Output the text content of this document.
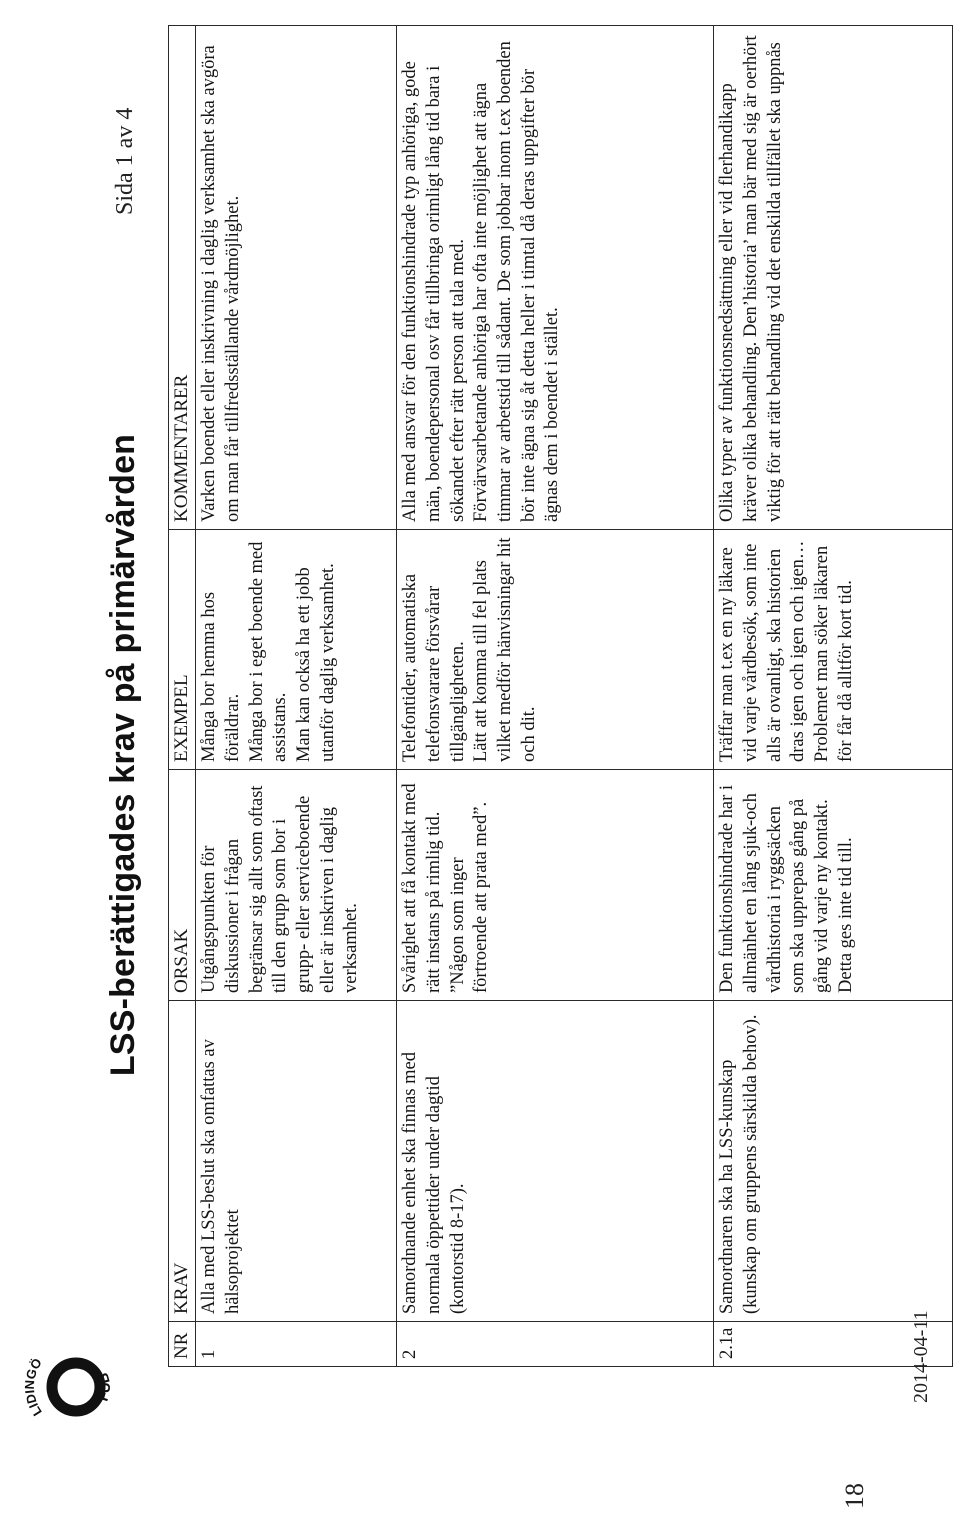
LIDINGÖ
FUB
LSS-berättigades krav på primärvården
Sida 1 av 4
NR	KRAV	ORSAK	EXEMPEL	KOMMENTARER
1	Alla med LSS-beslut ska omfattas av hälsoprojektet	Utgångspunkten för diskussioner i frågan begränsar sig allt som oftast till den grupp som bor i grupp- eller serviceboende eller är inskriven i daglig verksamhet.	Många bor hemma hos föräldrar. Många bor i eget boende med assistans. Man kan också ha ett jobb utanför daglig verksamhet.	Varken boendet eller inskrivning i daglig verksamhet ska avgöra om man får tillfredsställande vårdmöjlighet.

2	Samordnande enhet ska finnas med normala öppettider under dagtid (kontorstid 8-17).	Svårighet att få kontakt med rätt instans på rimlig tid. ”Någon som inger förtroende att prata med”.	Telefontider, automatiska telefonsvarare försvårar tillgängligheten. Lätt att komma till fel plats vilket medför hänvisningar hit och dit.	Alla med ansvar för den funktionshindrade typ anhöriga, gode män, boendepersonal osv får tillbringa orimligt lång tid bara i sökandet efter rätt person att tala med. Förvärvsarbetande anhöriga har ofta inte möjlighet att ägna timmar av arbetstid till sådant. De som jobbar inom t.ex boenden bör inte ägna sig åt detta heller i timtal då deras uppgifter bör ägnas dem i boendet i stället.

2.1a	Samordnaren ska ha LSS-kunskap (kunskap om gruppens särskilda behov).	Den funktionshindrade har i allmänhet en lång sjuk-och vårdhistoria i ryggsäcken som ska upprepas gång på gång vid varje ny kontakt. Detta ges inte tid till.	Träffar man t.ex en ny läkare vid varje vårdbesök, som inte alls är ovanligt, ska historien dras igen och igen och igen… Problemet man söker läkaren för får då alltför kort tid.	Olika typer av funktionsnedsättning eller vid flerhandikapp kräver olika behandling. Den’historia’ man bär med sig är oerhört viktig för att rätt behandling vid det enskilda tillfället ska uppnås
2014-04-11
18
